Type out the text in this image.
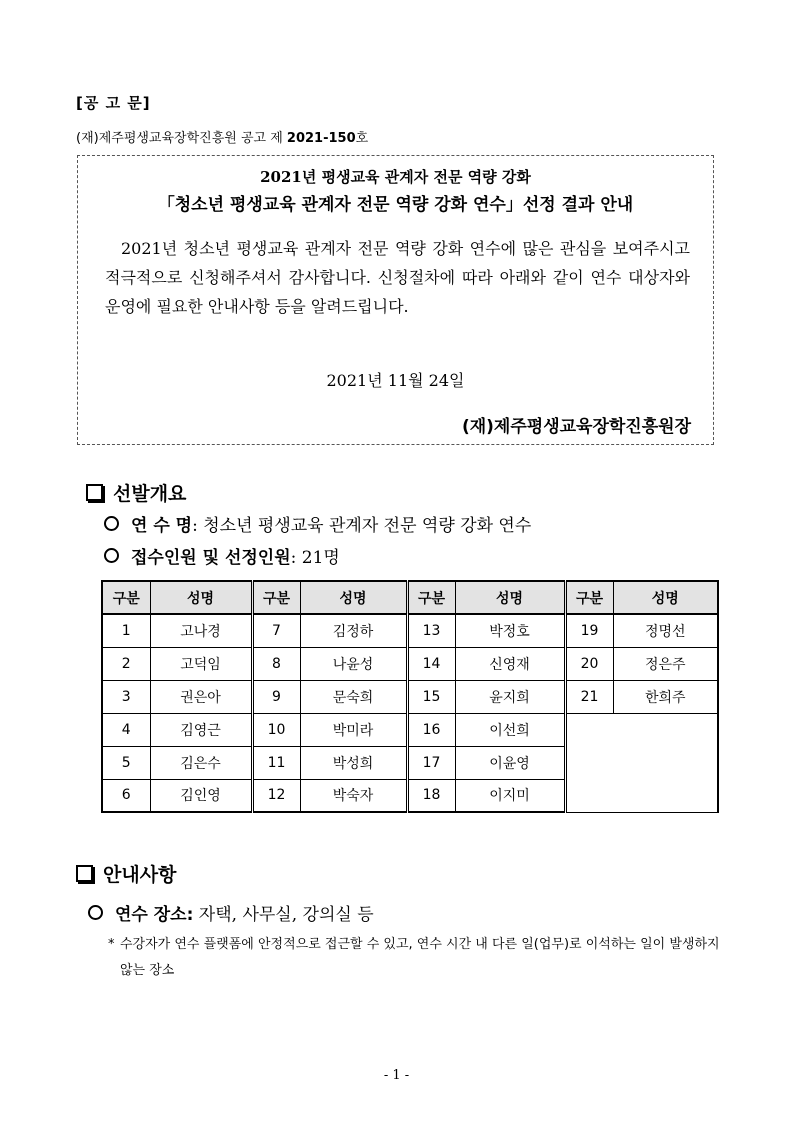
[공 고 문]
(재)제주평생교육장학진흥원 공고 제 2021-150호
2021년 평생교육 관계자 전문 역량 강화
「청소년 평생교육 관계자 전문 역량 강화 연수」선정 결과 안내
2021년 청소년 평생교육 관계자 전문 역량 강화 연수에 많은 관심을 보여주시고 적극적으로 신청해주셔서 감사합니다. 신청절차에 따라 아래와 같이 연수 대상자와 운영에 필요한 안내사항 등을 알려드립니다.
2021년 11월 24일
(재)제주평생교육장학진흥원장
선발개요
연 수 명: 청소년 평생교육 관계자 전문 역량 강화 연수
접수인원 및 선정인원: 21명
구분	성명	구분	성명	구분	성명	구분	성명
1	고나경	7	김정하	13	박정호	19	정명선
2	고덕임	8	나윤성	14	신영재	20	정은주
3	권은아	9	문숙희	15	윤지희	21	한희주
4	김영근	10	박미라	16	이선희		
5	김은수	11	박성희	17	이윤영		
6	김인영	12	박숙자	18	이지미		
안내사항
연수 장소: 자택, 사무실, 강의실 등
* 수강자가 연수 플랫폼에 안정적으로 접근할 수 있고, 연수 시간 내 다른 일(업무)로 이석하는 일이 발생하지 않는 장소
- 1 -
